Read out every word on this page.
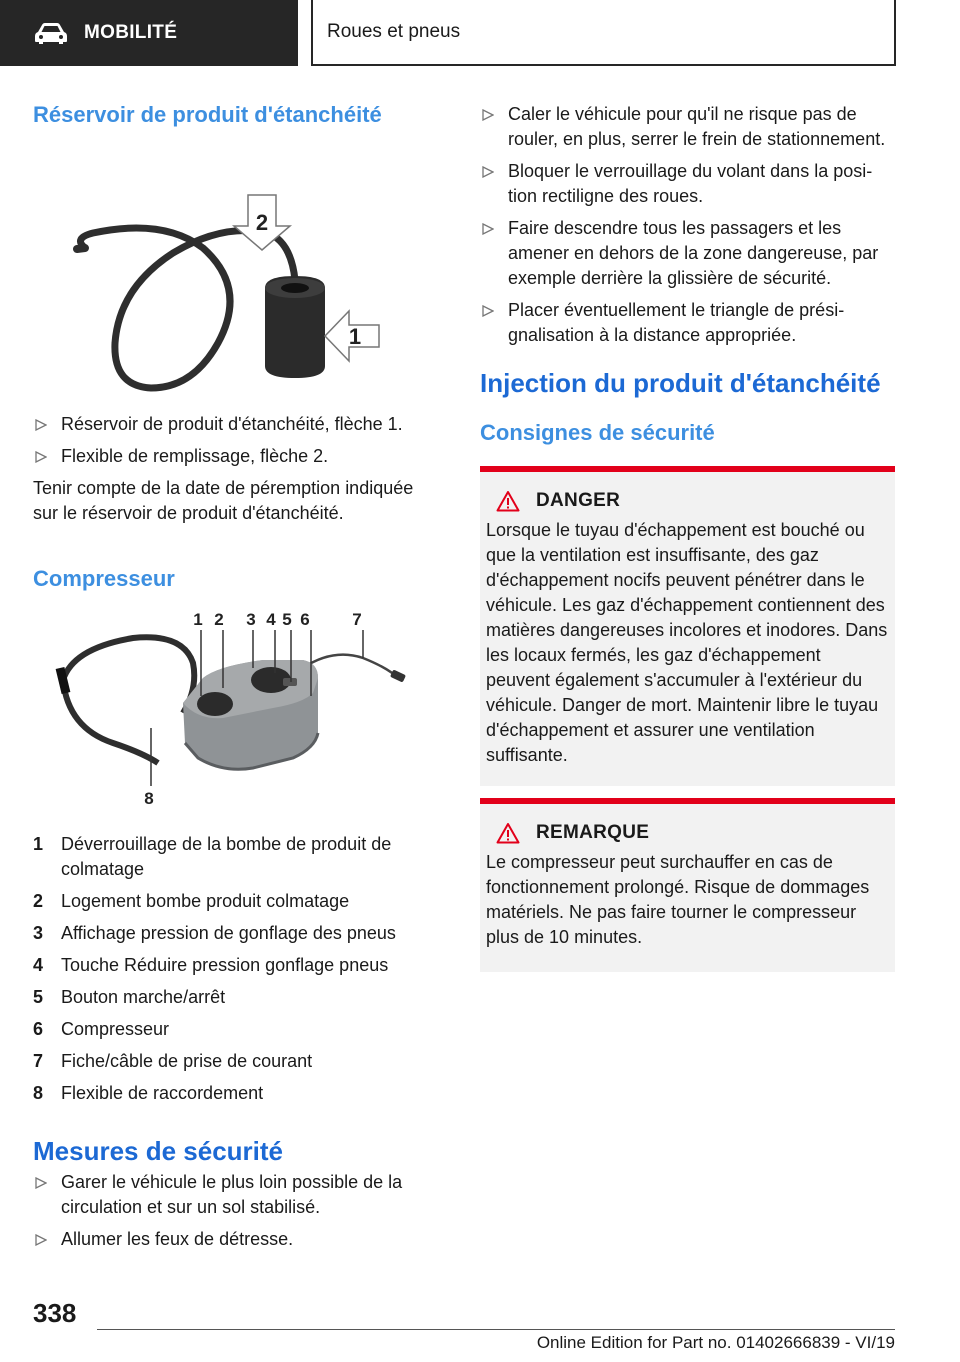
MOBILITÉ	Roues et pneus
Réservoir de produit d'étanchéité
2
1
Réservoir de produit d'étanchéité, flèche 1.
Flexible de remplissage, flèche 2.

Tenir compte de la date de péremption indiquée sur le réservoir de produit d'étanchéité.

Compresseur
1 2 3 4 5 6	7
8
1 Déverrouillage de la bombe de produit de colmatage
2 Logement bombe produit colmatage
3 Affichage pression de gonflage des pneus
4 Touche Réduire pression gonflage pneus
5 Bouton marche/arrêt
6 Compresseur
7 Fiche/câble de prise de courant
8 Flexible de raccordement
Mesures de sécurité
Garer le véhicule le plus loin possible de la circulation et sur un sol stabilisé.
Allumer les feux de détresse.
Caler le véhicule pour qu'il ne risque pas de rouler, en plus, serrer le frein de stationnement.
Bloquer le verrouillage du volant dans la position rectiligne des roues.
Faire descendre tous les passagers et les amener en dehors de la zone dangereuse, par exemple derrière la glissière de sécurité.
Placer éventuellement le triangle de présignalisation à la distance appropriée.
Injection du produit d'étanchéité
Consignes de sécurité
DANGER

Lorsque le tuyau d'échappement est bouché ou que la ventilation est insuffisante, des gaz d'échappement nocifs peuvent pénétrer dans le véhicule. Les gaz d'échappement contiennent des matières dangereuses incolores et inodores. Dans les locaux fermés, les gaz d'échappement peuvent également s'accumuler à l'extérieur du véhicule. Danger de mort. Maintenir libre le tuyau d'échappement et assurer une ventilation suffisante.

REMARQUE

Le compresseur peut surchauffer en cas de fonctionnement prolongé. Risque de dommages matériels. Ne pas faire tourner le compresseur plus de 10 minutes.

338
Online Edition for Part no. 01402666839 - VI/19
